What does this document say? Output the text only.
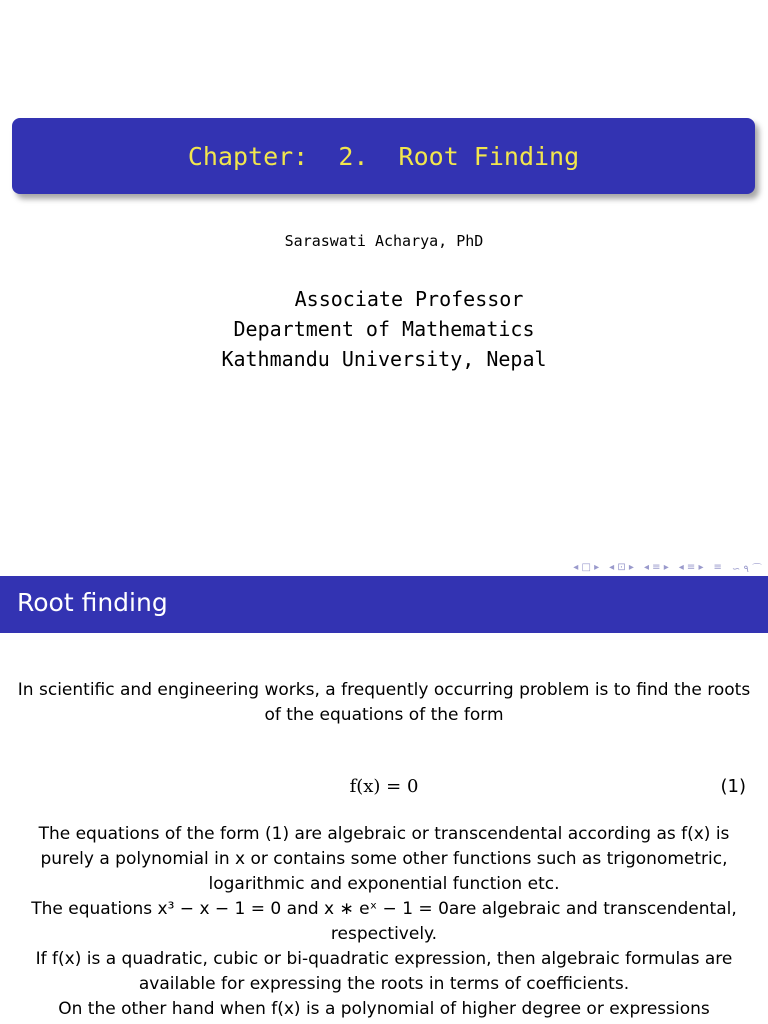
Chapter:  2.  Root Finding
Saraswati Acharya, PhD
Associate Professor
Department of Mathematics
Kathmandu University, Nepal
◂ □ ▸ ◂ ⊡ ▸ ◂ ≡ ▸ ◂ ≡ ▸ ≡ ∽ ۹ ⌒
Root finding
In scientific and engineering works, a frequently occurring problem is to find the roots of the equations of the form
f(x) = 0	(1)
The equations of the form (1) are algebraic or transcendental according as f(x) is
purely a polynomial in x or contains some other functions such as trigonometric,
logarithmic and exponential function etc.
The equations x³ − x − 1 = 0 and x ∗ eˣ − 1 = 0are algebraic and transcendental,
respectively.
If f(x) is a quadratic, cubic or bi-quadratic expression, then algebraic formulas are
available for expressing the roots in terms of coefficients.
On the other hand when f(x) is a polynomial of higher degree or expressions
